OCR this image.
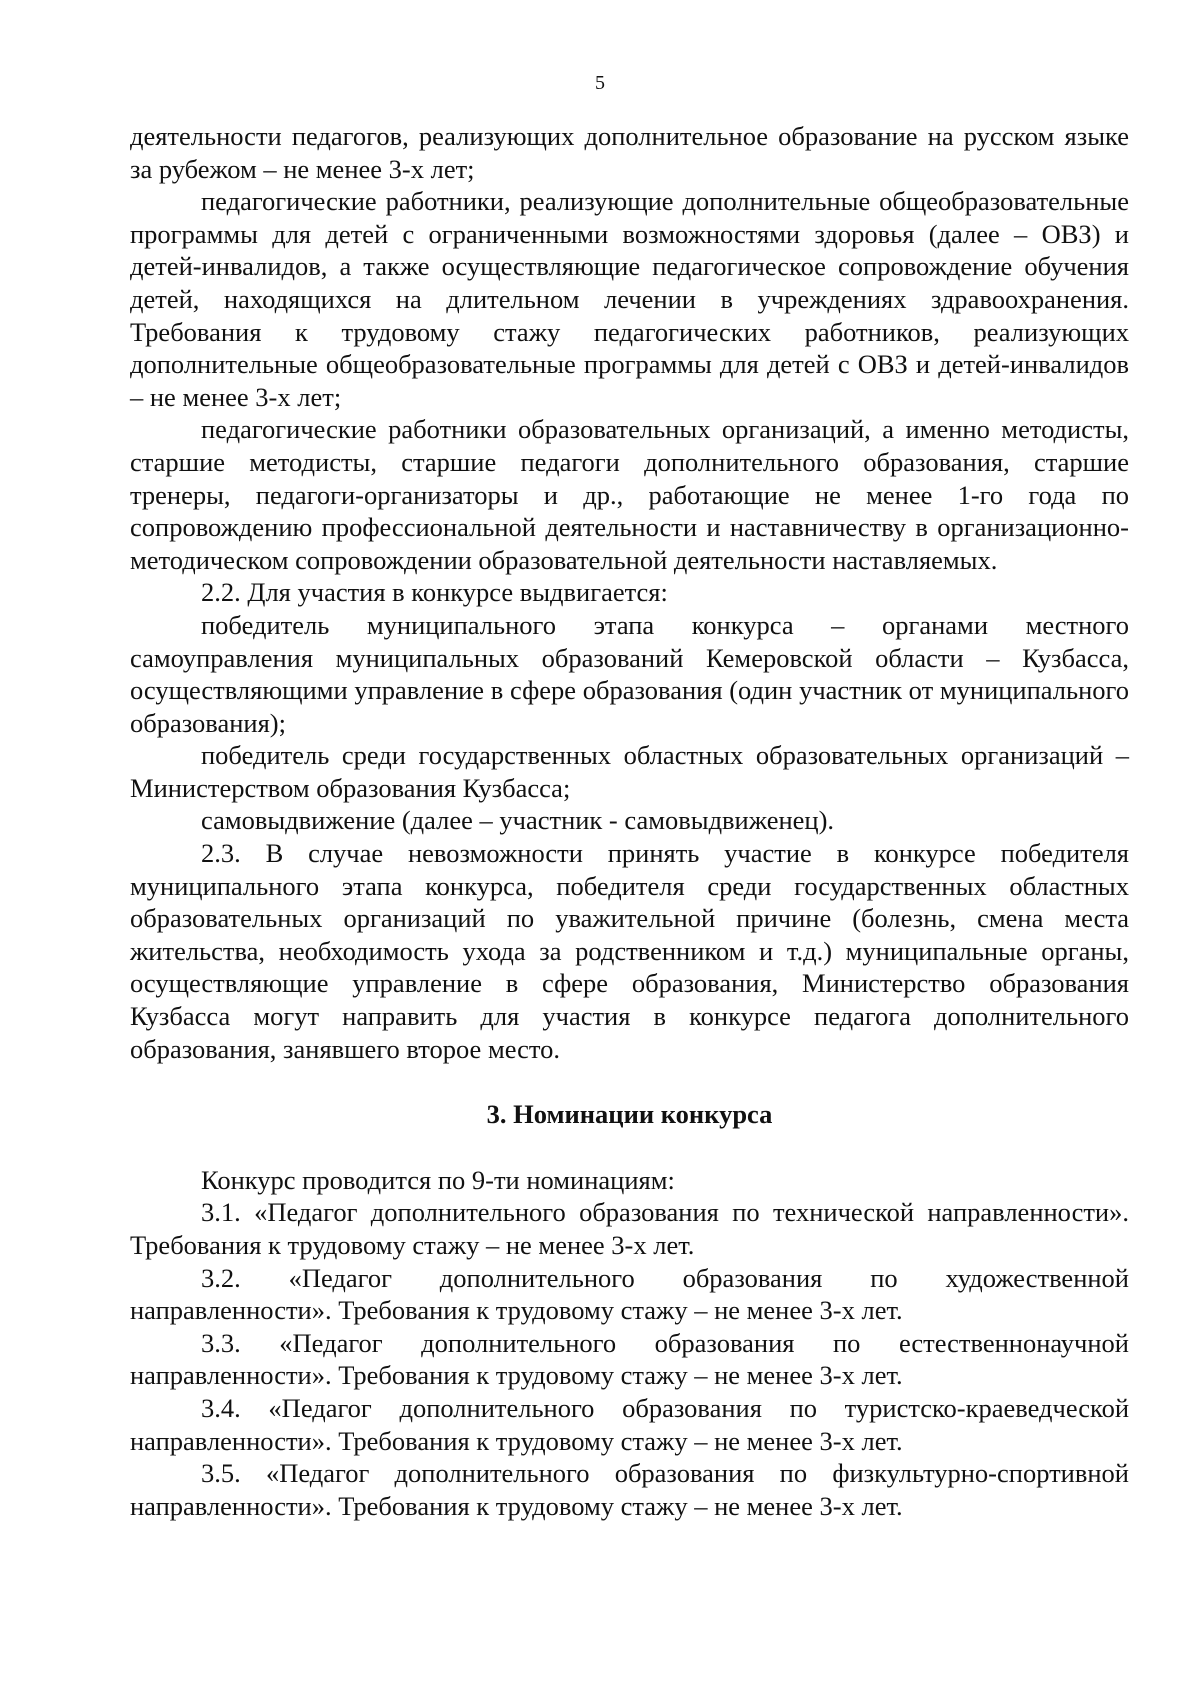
5

деятельности педагогов, реализующих дополнительное образование на русском языке за рубежом – не менее 3-х лет;

педагогические работники, реализующие дополнительные общеобразовательные программы для детей с ограниченными возможностями здоровья (далее – ОВЗ) и детей-инвалидов, а также осуществляющие педагогическое сопровождение обучения детей, находящихся на длительном лечении в учреждениях здравоохранения. Требования к трудовому стажу педагогических работников, реализующих дополнительные общеобразовательные программы для детей с ОВЗ и детей-инвалидов – не менее 3-х лет;

педагогические работники образовательных организаций, а именно методисты, старшие методисты, старшие педагоги дополнительного образования, старшие тренеры, педагоги-организаторы и др., работающие не менее 1-го года по сопровождению профессиональной деятельности и наставничеству в организационно-методическом сопровождении образовательной деятельности наставляемых.

2.2. Для участия в конкурсе выдвигается:

победитель муниципального этапа конкурса – органами местного самоуправления муниципальных образований Кемеровской области – Кузбасса, осуществляющими управление в сфере образования (один участник от муниципального образования);

победитель среди государственных областных образовательных организаций – Министерством образования Кузбасса;

самовыдвижение (далее – участник - самовыдвиженец).

2.3. В случае невозможности принять участие в конкурсе победителя муниципального этапа конкурса, победителя среди государственных областных образовательных организаций по уважительной причине (болезнь, смена места жительства, необходимость ухода за родственником и т.д.) муниципальные органы, осуществляющие управление в сфере образования, Министерство образования Кузбасса могут направить для участия в конкурсе педагога дополнительного образования, занявшего второе место.

3. Номинации конкурса

Конкурс проводится по 9-ти номинациям:

3.1. «Педагог дополнительного образования по технической направленности». Требования к трудовому стажу – не менее 3-х лет.

3.2. «Педагог дополнительного образования по художественной направленности». Требования к трудовому стажу – не менее 3-х лет.

3.3. «Педагог дополнительного образования по естественнонаучной направленности». Требования к трудовому стажу – не менее 3-х лет.

3.4. «Педагог дополнительного образования по туристско-краеведческой направленности». Требования к трудовому стажу – не менее 3-х лет.

3.5. «Педагог дополнительного образования по физкультурно-спортивной направленности». Требования к трудовому стажу – не менее 3-х лет.
